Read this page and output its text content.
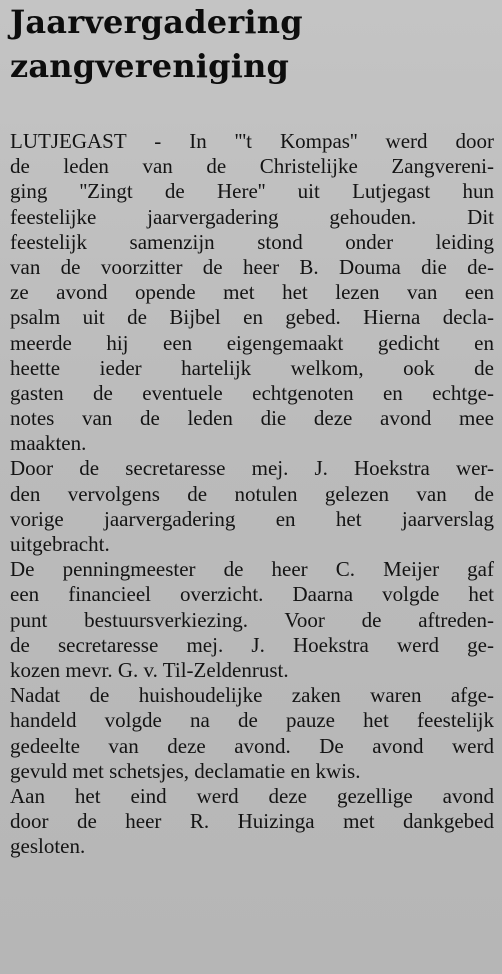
Jaarvergadering
zangvereniging
LUTJEGAST - In '''t Kompas'' werd door
de leden van de Christelijke Zangvereni-
ging ''Zingt de Here'' uit Lutjegast hun
feestelijke jaarvergadering gehouden. Dit
feestelijk samenzijn stond onder leiding
van de voorzitter de heer B. Douma die de-
ze avond opende met het lezen van een
psalm uit de Bijbel en gebed. Hierna decla-
meerde hij een eigengemaakt gedicht en
heette ieder hartelijk welkom, ook de
gasten de eventuele echtgenoten en echtge-
notes van de leden die deze avond mee
maakten.
Door de secretaresse mej. J. Hoekstra wer-
den vervolgens de notulen gelezen van de
vorige jaarvergadering en het jaarverslag
uitgebracht.
De penningmeester de heer C. Meijer gaf
een financieel overzicht. Daarna volgde het
punt bestuursverkiezing. Voor de aftreden-
de secretaresse mej. J. Hoekstra werd ge-
kozen mevr. G. v. Til-Zeldenrust.
Nadat de huishoudelijke zaken waren afge-
handeld volgde na de pauze het feestelijk
gedeelte van deze avond. De avond werd
gevuld met schetsjes, declamatie en kwis.
Aan het eind werd deze gezellige avond
door de heer R. Huizinga met dankgebed
gesloten.
